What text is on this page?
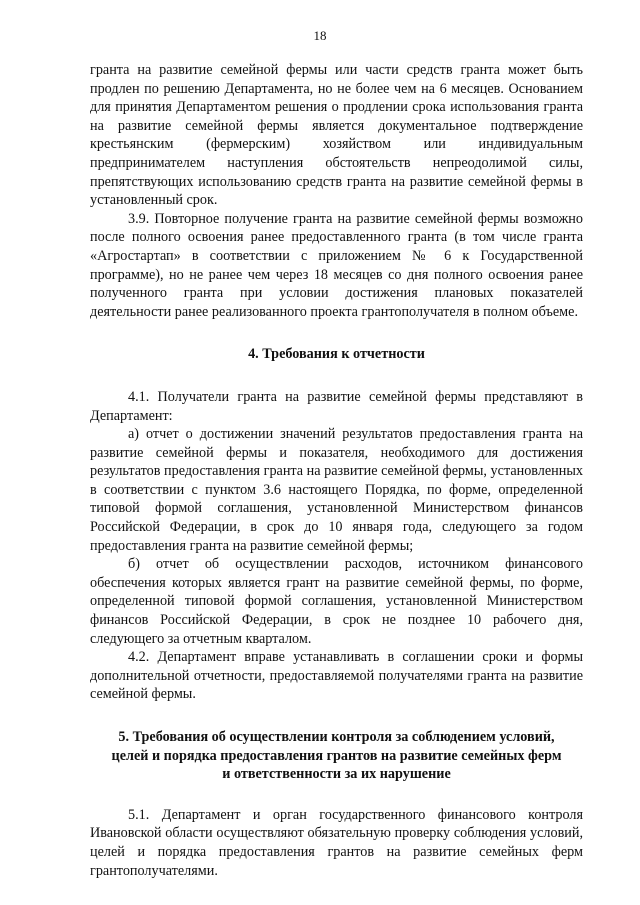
18

гранта на развитие семейной фермы или части средств гранта может быть продлен по решению Департамента, но не более чем на 6 месяцев. Основанием для принятия Департаментом решения о продлении срока использования гранта на развитие семейной фермы является документальное подтверждение крестьянским (фермерским) хозяйством или индивидуальным предпринимателем наступления обстоятельств непреодолимой силы, препятствующих использованию средств гранта на развитие семейной фермы в установленный срок.

3.9. Повторное получение гранта на развитие семейной фермы возможно после полного освоения ранее предоставленного гранта (в том числе гранта «Агростартап» в соответствии с приложением № 6 к Государственной программе), но не ранее чем через 18 месяцев со дня полного освоения ранее полученного гранта при условии достижения плановых показателей деятельности ранее реализованного проекта грантополучателя в полном объеме.

4. Требования к отчетности

4.1. Получатели гранта на развитие семейной фермы представляют в Департамент:

а) отчет о достижении значений результатов предоставления гранта на развитие семейной фермы и показателя, необходимого для достижения результатов предоставления гранта на развитие семейной фермы, установленных в соответствии с пунктом 3.6 настоящего Порядка, по форме, определенной типовой формой соглашения, установленной Министерством финансов Российской Федерации, в срок до 10 января года, следующего за годом предоставления гранта на развитие семейной фермы;

б) отчет об осуществлении расходов, источником финансового обеспечения которых является грант на развитие семейной фермы, по форме, определенной типовой формой соглашения, установленной Министерством финансов Российской Федерации, в срок не позднее 10 рабочего дня, следующего за отчетным кварталом.

4.2. Департамент вправе устанавливать в соглашении сроки и формы дополнительной отчетности, предоставляемой получателями гранта на развитие семейной фермы.

5. Требования об осуществлении контроля за соблюдением условий,
целей и порядка предоставления грантов на развитие семейных ферм
и ответственности за их нарушение

5.1. Департамент и орган государственного финансового контроля Ивановской области осуществляют обязательную проверку соблюдения условий, целей и порядка предоставления грантов на развитие семейных ферм грантополучателями.
